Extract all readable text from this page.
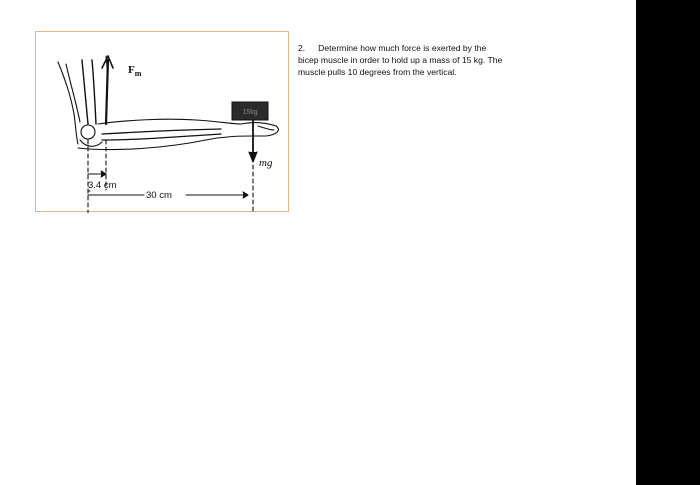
15kg
$F_m$
mg
3.4 cm
30 cm
2. Determine how much force is exerted by the
bicep muscle in order to hold up a mass of 15 kg. The
muscle pulls 10 degrees from the vertical.
